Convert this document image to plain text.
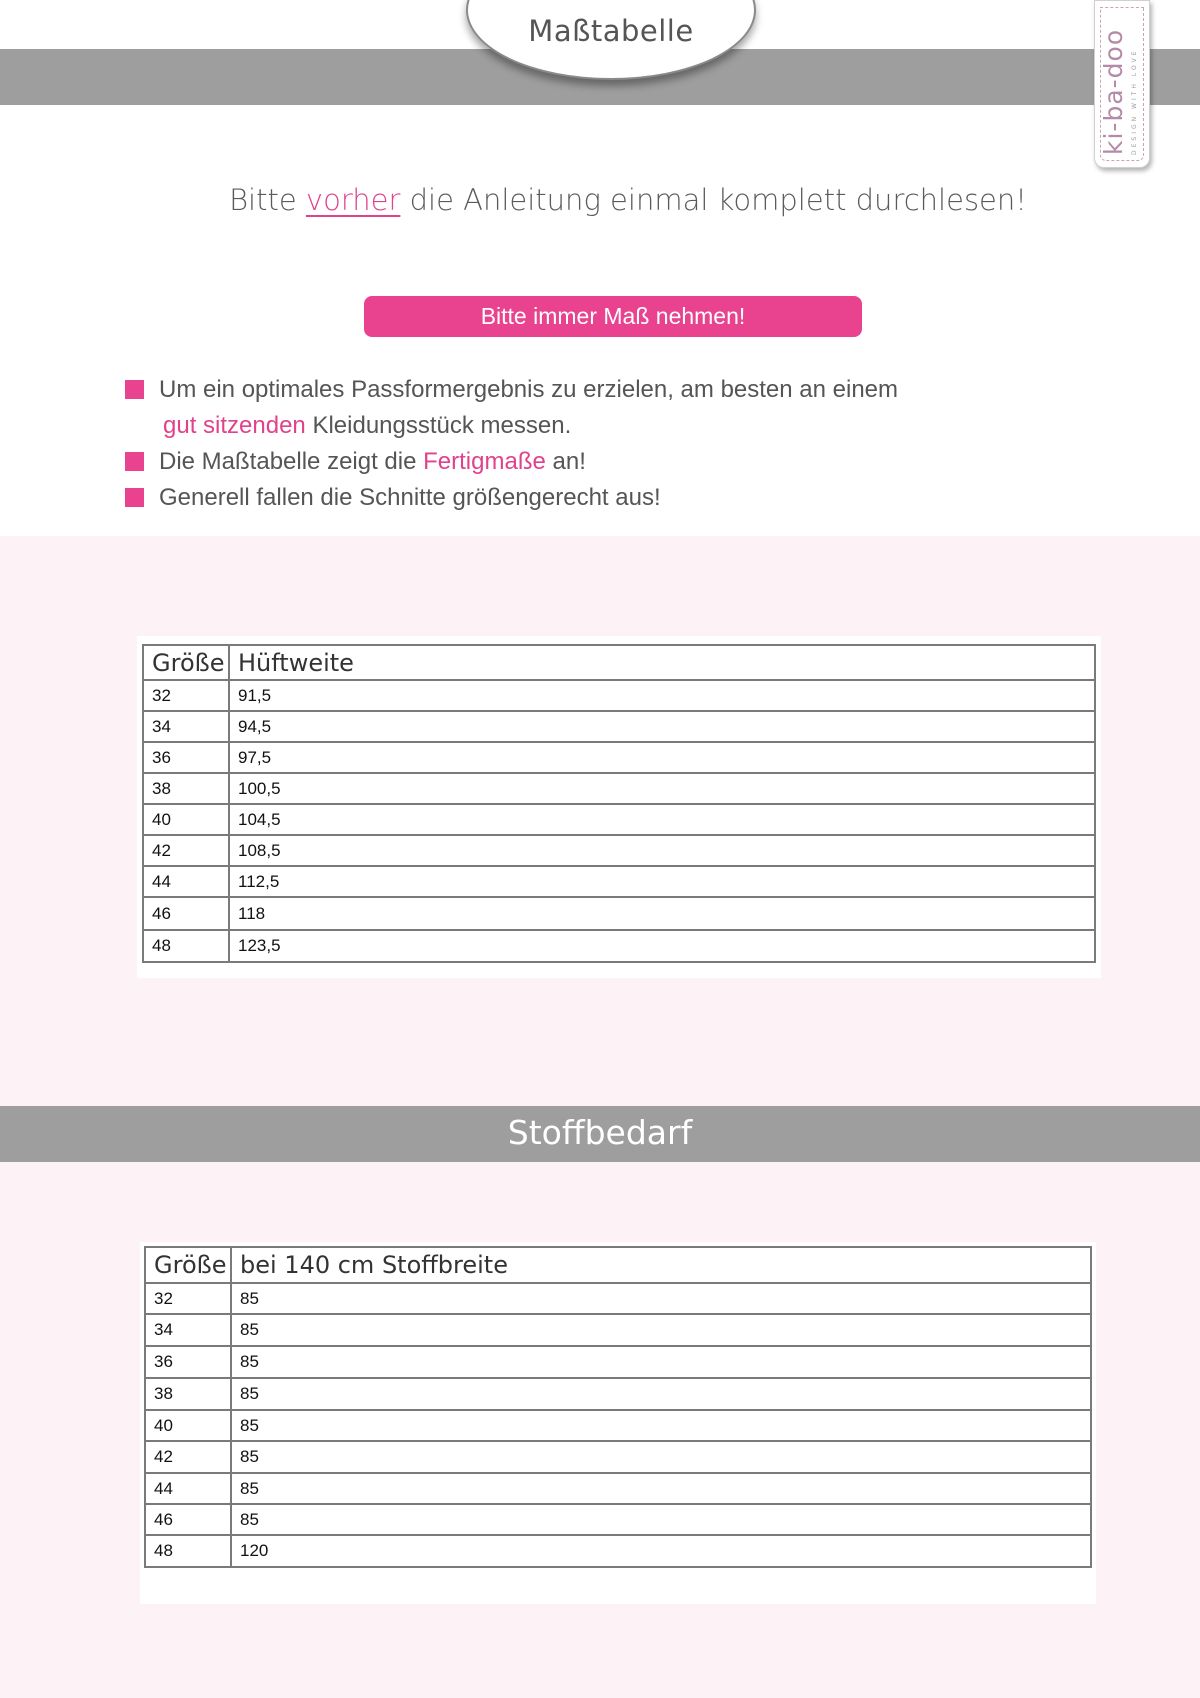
Maßtabelle	ki-ba-doo DESIGN WITH LOVE
Bitte vorher die Anleitung einmal komplett durchlesen!
Bitte immer Maß nehmen!
Um ein optimales Passformergebnis zu erzielen, am besten an einem
gut sitzenden Kleidungsstück messen.
Die Maßtabelle zeigt die Fertigmaße an!
Generell fallen die Schnitte größengerecht aus!
Größe	Hüftweite
32	91,5
34	94,5
36	97,5
38	100,5
40	104,5
42	108,5
44	112,5
46	118
48	123,5
Stoffbedarf
Größe	bei 140 cm Stoffbreite
32	85
34	85
36	85
38	85
40	85
42	85
44	85
46	85
48	120
